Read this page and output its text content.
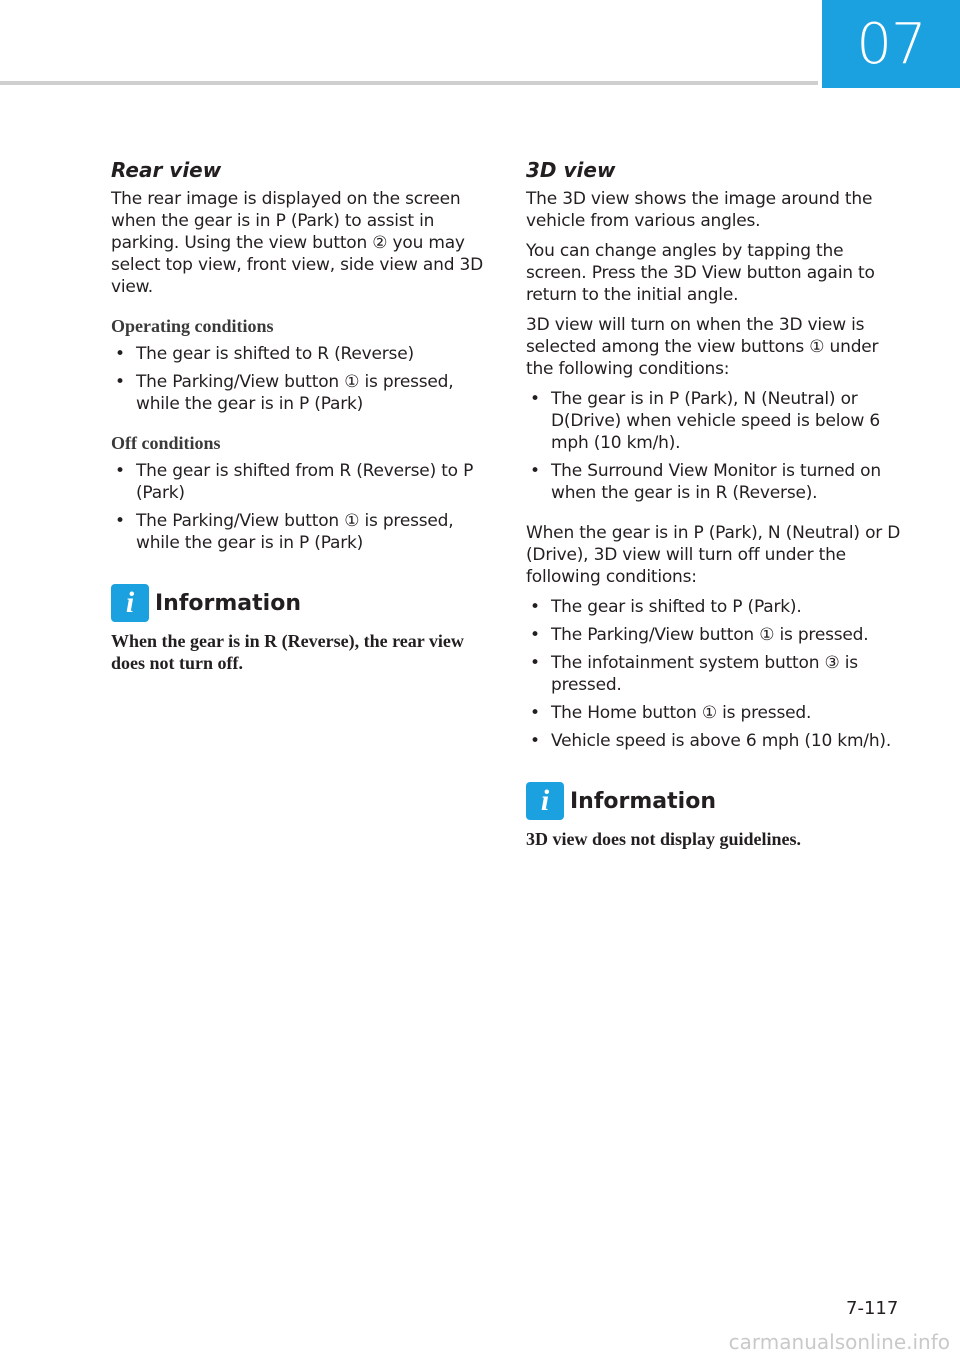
07
Rear view

The rear image is displayed on the screen when the gear is in P (Park) to assist in parking. Using the view button ② you may select top view, front view, side view and 3D view.

Operating conditions
• The gear is shifted to R (Reverse)
• The Parking/View button ① is pressed, while the gear is in P (Park)
Off conditions
• The gear is shifted from R (Reverse) to P (Park)
• The Parking/View button ① is pressed, while the gear is in P (Park)
i Information

When the gear is in R (Reverse), the rear view does not turn off.

3D view

The 3D view shows the image around the vehicle from various angles.

You can change angles by tapping the screen. Press the 3D View button again to return to the initial angle.

3D view will turn on when the 3D view is selected among the view buttons ① under the following conditions:

• The gear is in P (Park), N (Neutral) or D(Drive) when vehicle speed is below 6 mph (10 km/h).
• The Surround View Monitor is turned on when the gear is in R (Reverse).

When the gear is in P (Park), N (Neutral) or D (Drive), 3D view will turn off under the following conditions:

• The gear is shifted to P (Park).
• The Parking/View button ① is pressed.
• The infotainment system button ③ is pressed.
• The Home button ① is pressed.
• Vehicle speed is above 6 mph (10 km/h).
i Information

3D view does not display guidelines.

7-117
carmanualsonline.info
